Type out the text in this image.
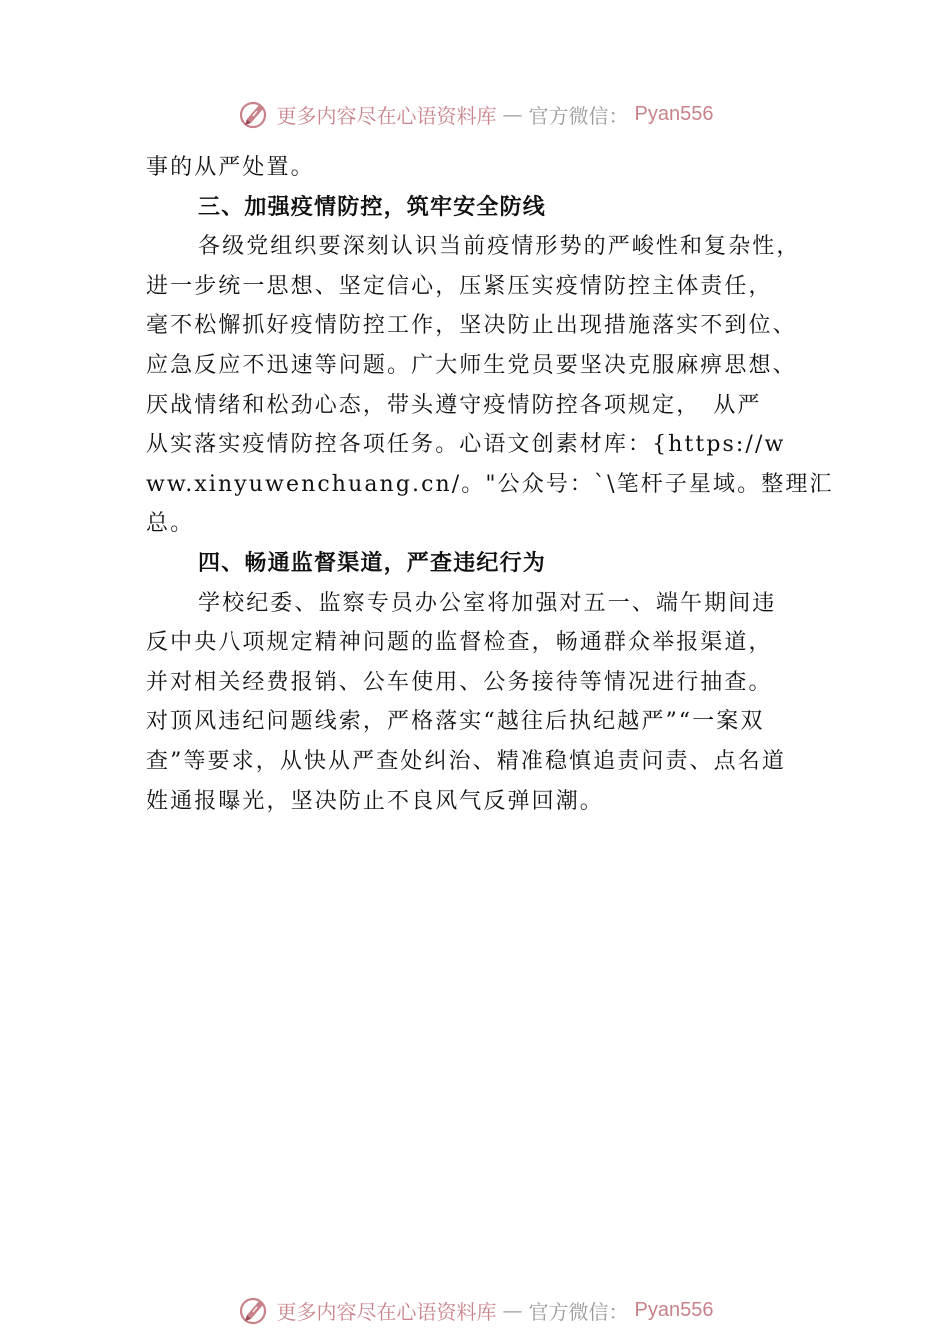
更多内容尽在心语资料库 — 官方微信： Pyan556
事的从严处置。
三、加强疫情防控，筑牢安全防线
各级党组织要深刻认识当前疫情形势的严峻性和复杂性，
进一步统一思想、坚定信心，压紧压实疫情防控主体责任，
毫不松懈抓好疫情防控工作，坚决防止出现措施落实不到位、
应急反应不迅速等问题。广大师生党员要坚决克服麻痹思想、
厌战情绪和松劲心态，带头遵守疫情防控各项规定，　从严
从实落实疫情防控各项任务。心语文创素材库：{https://w
ww.xinyuwenchuang.cn/。"公众号：`\笔杆子星域。整理汇
总。
四、畅通监督渠道，严查违纪行为
学校纪委、监察专员办公室将加强对五一、端午期间违
反中央八项规定精神问题的监督检查，畅通群众举报渠道，
并对相关经费报销、公车使用、公务接待等情况进行抽查。
对顶风违纪问题线索，严格落实“越往后执纪越严”“一案双
查”等要求，从快从严查处纠治、精准稳慎追责问责、点名道
姓通报曝光，坚决防止不良风气反弹回潮。
更多内容尽在心语资料库 — 官方微信： Pyan556
